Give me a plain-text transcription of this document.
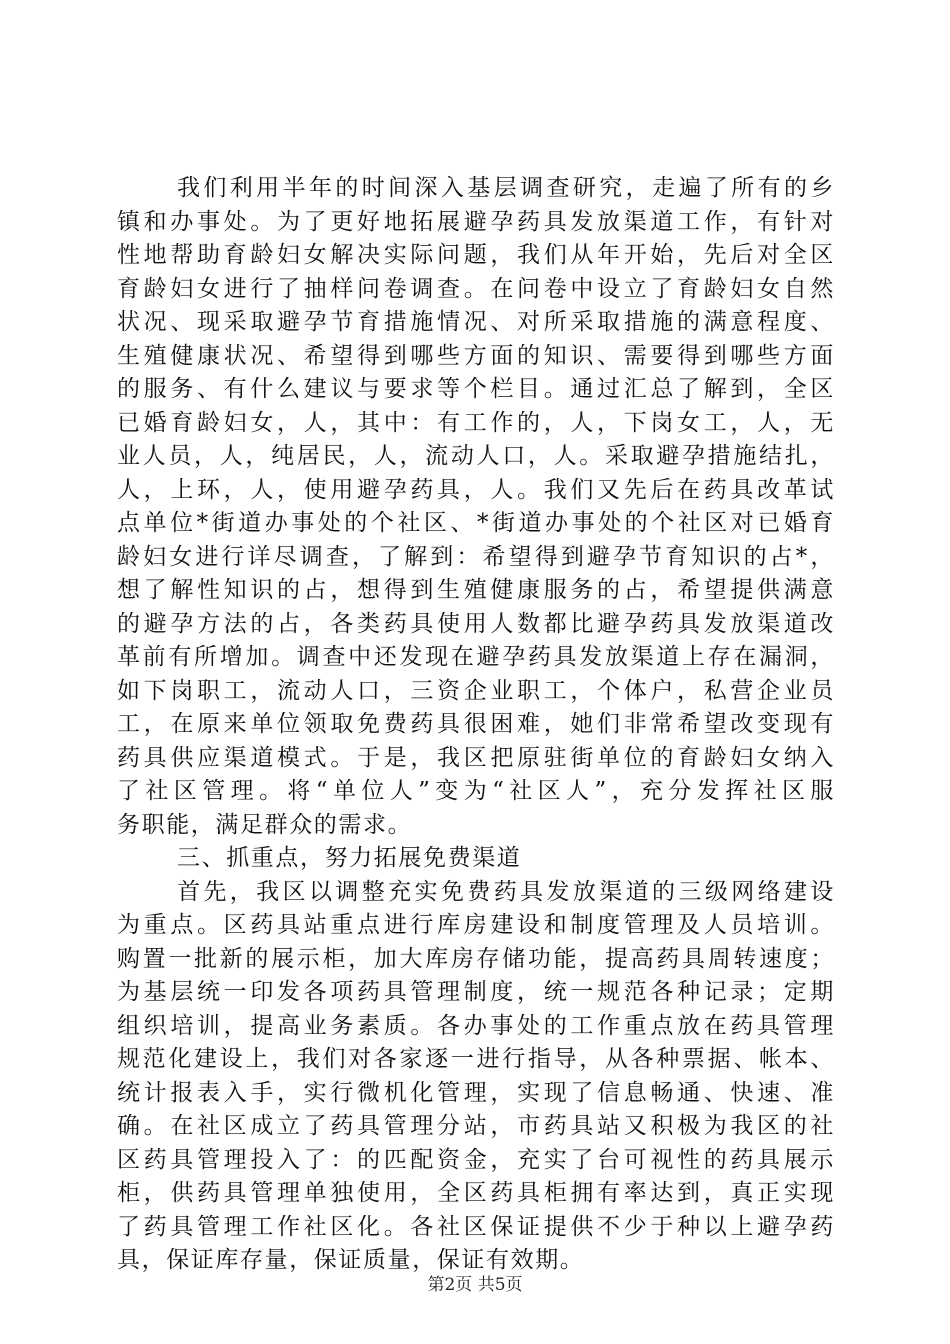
我们利用半年的时间深入基层调查研究，走遍了所有的乡
镇和办事处。为了更好地拓展避孕药具发放渠道工作，有针对
性地帮助育龄妇女解决实际问题，我们从年开始，先后对全区
育龄妇女进行了抽样问卷调查。在问卷中设立了育龄妇女自然
状况、现采取避孕节育措施情况、对所采取措施的满意程度、
生殖健康状况、希望得到哪些方面的知识、需要得到哪些方面
的服务、有什么建议与要求等个栏目。通过汇总了解到，全区
已婚育龄妇女，人，其中：有工作的，人，下岗女工，人，无
业人员，人，纯居民，人，流动人口，人。采取避孕措施结扎，
人，上环，人，使用避孕药具，人。我们又先后在药具改革试
点单位*街道办事处的个社区、*街道办事处的个社区对已婚育
龄妇女进行详尽调查，了解到：希望得到避孕节育知识的占*，
想了解性知识的占，想得到生殖健康服务的占，希望提供满意
的避孕方法的占，各类药具使用人数都比避孕药具发放渠道改
革前有所增加。调查中还发现在避孕药具发放渠道上存在漏洞，
如下岗职工，流动人口，三资企业职工，个体户，私营企业员
工，在原来单位领取免费药具很困难，她们非常希望改变现有
药具供应渠道模式。于是，我区把原驻街单位的育龄妇女纳入
了社区管理。将“单位人”变为“社区人”，充分发挥社区服
务职能，满足群众的需求。
三、抓重点，努力拓展免费渠道
首先，我区以调整充实免费药具发放渠道的三级网络建设
为重点。区药具站重点进行库房建设和制度管理及人员培训。
购置一批新的展示柜，加大库房存储功能，提高药具周转速度；
为基层统一印发各项药具管理制度，统一规范各种记录；定期
组织培训，提高业务素质。各办事处的工作重点放在药具管理
规范化建设上，我们对各家逐一进行指导，从各种票据、帐本、
统计报表入手，实行微机化管理，实现了信息畅通、快速、准
确。在社区成立了药具管理分站，市药具站又积极为我区的社
区药具管理投入了：的匹配资金，充实了台可视性的药具展示
柜，供药具管理单独使用，全区药具柜拥有率达到，真正实现
了药具管理工作社区化。各社区保证提供不少于种以上避孕药
具，保证库存量，保证质量，保证有效期。
第2页 共5页
